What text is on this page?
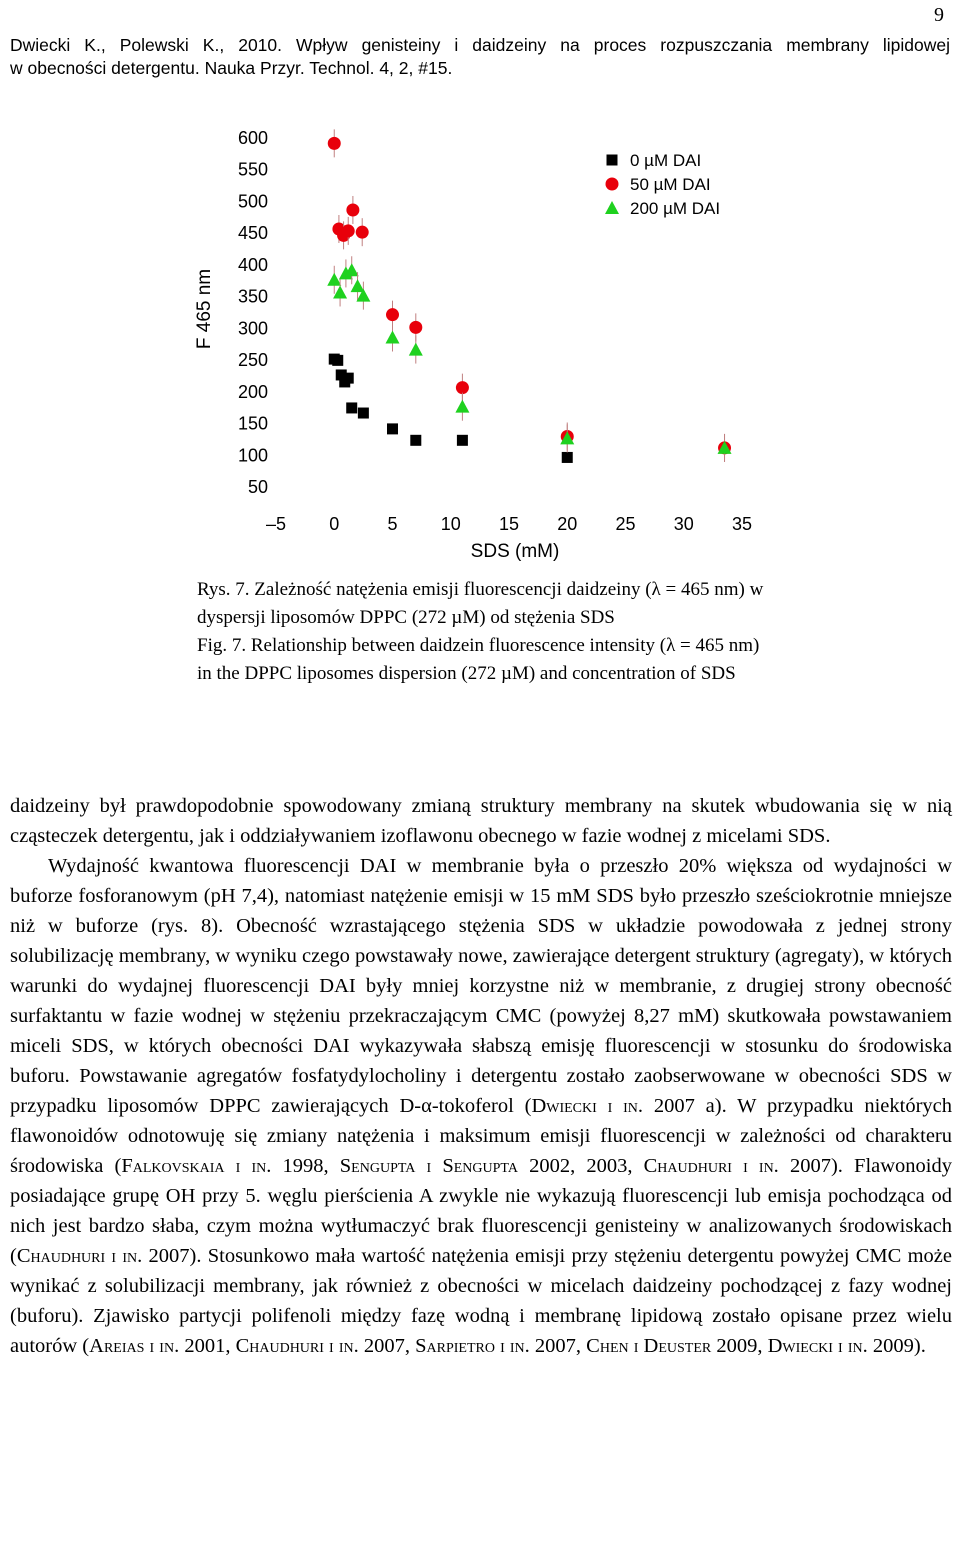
9
Dwiecki K., Polewski K., 2010. Wpływ genisteiny i daidzeiny na proces rozpuszczania membrany lipidowej
w obecności detergentu. Nauka Przyr. Technol. 4, 2, #15.
600
550
500
450
400
350
300
250
200
150
100
50
–5 0	5 10 15 20 25 30 35
F 465 nm
SDS (mM)
0 µM DAI
50 µM DAI
200 µM DAI

Rys. 7. Zależność natężenia emisji fluorescencji daidzeiny (λ = 465 nm) w dyspersji liposomów DPPC (272 µM) od stężenia SDS

Fig. 7. Relationship between daidzein fluorescence intensity (λ = 465 nm) in the DPPC liposomes dispersion (272 µM) and concentration of SDS

daidzeiny był prawdopodobnie spowodowany zmianą struktury membrany na skutek wbudowania się w nią cząsteczek detergentu, jak i oddziaływaniem izoflawonu obecnego w fazie wodnej z micelami SDS.

Wydajność kwantowa fluorescencji DAI w membranie była o przeszło 20% większa od wydajności w buforze fosforanowym (pH 7,4), natomiast natężenie emisji w 15 mM SDS było przeszło sześciokrotnie mniejsze niż w buforze (rys. 8). Obecność wzrastającego stężenia SDS w układzie powodowała z jednej strony solubilizację membrany, w wyniku czego powstawały nowe, zawierające detergent struktury (agregaty), w których warunki do wydajnej fluorescencji DAI były mniej korzystne niż w membranie, z drugiej strony obecność surfaktantu w fazie wodnej w stężeniu przekraczającym CMC (powyżej 8,27 mM) skutkowała powstawaniem miceli SDS, w których obecności DAI wykazywała słabszą emisję fluorescencji w stosunku do środowiska buforu. Powstawanie agregatów fosfatydylocholiny i detergentu zostało zaobserwowane w obecności SDS w przypadku liposomów DPPC zawierających D-α-tokoferol (Dwiecki i in. 2007 a). W przypadku niektórych flawonoidów odnotowuję się zmiany natężenia i maksimum emisji fluorescencji w zależności od charakteru środowiska (Falkovskaia i in. 1998, Sengupta i Sengupta 2002, 2003, Chaudhuri i in. 2007). Flawonoidy posiadające grupę OH przy 5. węglu pierścienia A zwykle nie wykazują fluorescencji lub emisja pochodząca od nich jest bardzo słaba, czym można wytłumaczyć brak fluorescencji genisteiny w analizowanych środowiskach (Chaudhuri i in. 2007). Stosunkowo mała wartość natężenia emisji przy stężeniu detergentu powyżej CMC może wynikać z solubilizacji membrany, jak również z obecności w micelach daidzeiny pochodzącej z fazy wodnej (buforu). Zjawisko partycji polifenoli między fazę wodną i membranę lipidową zostało opisane przez wielu autorów (Areias i in. 2001, Chaudhuri i in. 2007, Sarpietro i in. 2007, Chen i Deuster 2009, Dwiecki i in. 2009).
